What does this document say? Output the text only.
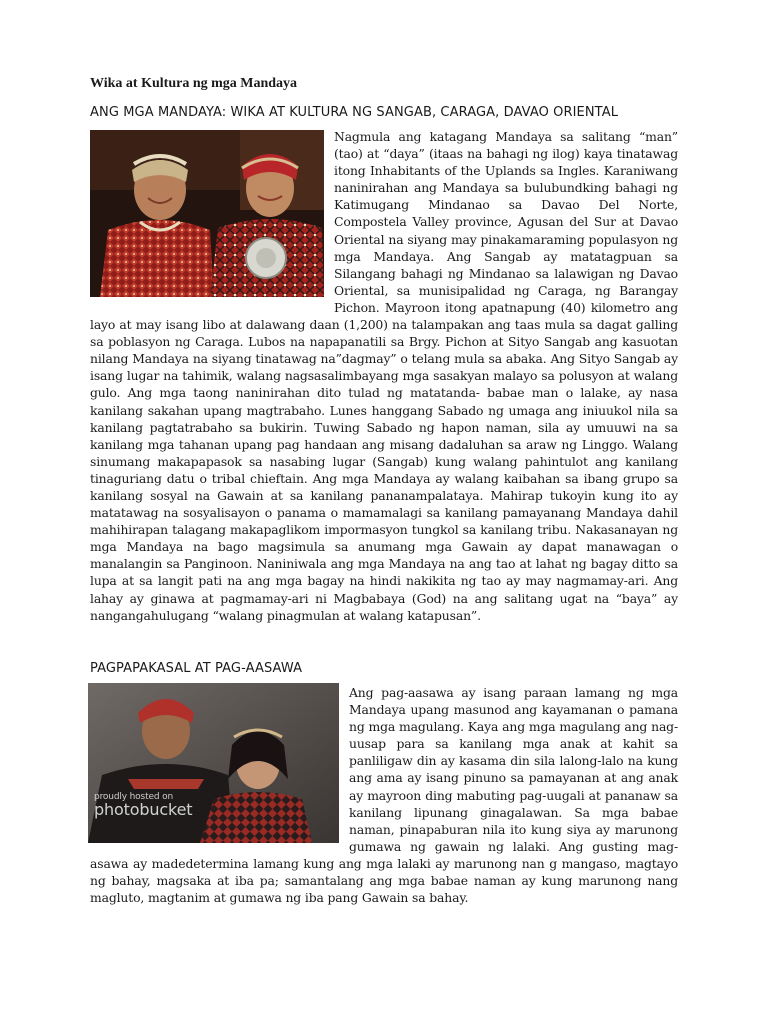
Wika at Kultura ng mga Mandaya
ANG MGA MANDAYA: WIKA AT KULTURA NG SANGAB, CARAGA, DAVAO ORIENTAL
Nagmula ang katagang Mandaya sa salitang “man” (tao) at “daya” (itaas na bahagi ng ilog) kaya tinatawag itong Inhabitants of the Uplands sa Ingles. Karaniwang naninirahan ang Mandaya sa bulubundking bahagi ng Katimugang Mindanao sa Davao Del Norte, Compostela Valley province, Agusan del Sur at Davao Oriental na siyang may pinakamaraming populasyon ng mga Mandaya. Ang Sangab ay matatagpuan sa Silangang bahagi ng Mindanao sa lalawigan ng Davao Oriental, sa munisipalidad ng Caraga, ng Barangay Pichon. Mayroon itong apatnapung (40) kilometro ang layo at may isang libo at dalawang daan (1,200) na talampakan ang taas mula sa dagat galling sa poblasyon ng Caraga. Lubos na napapanatili sa Brgy. Pichon at Sityo Sangab ang kasuotan nilang Mandaya na siyang tinatawag na”dagmay” o telang mula sa abaka. Ang Sityo Sangab ay isang lugar na tahimik, walang nagsasalimbayang mga sasakyan malayo sa polusyon at walang gulo. Ang mga taong naninirahan dito tulad ng matatanda- babae man o lalake, ay nasa kanilang sakahan upang magtrabaho. Lunes hanggang Sabado ng umaga ang iniuukol nila sa kanilang pagtatrabaho sa bukirin. Tuwing Sabado ng hapon naman, sila ay umuuwi na sa kanilang mga tahanan upang pag handaan ang misang dadaluhan sa araw ng Linggo. Walang sinumang makapapasok sa nasabing lugar (Sangab) kung walang pahintulot ang kanilang tinaguriang datu o tribal chieftain. Ang mga Mandaya ay walang kaibahan sa ibang grupo sa kanilang sosyal na Gawain at sa kanilang pananampalataya. Mahirap tukoyin kung ito ay matatawag na sosyalisayon o panama o mamamalagi sa kanilang pamayanang Mandaya dahil mahihirapan talagang makapaglikom impormasyon tungkol sa kanilang tribu. Nakasanayan ng mga Mandaya na bago magsimula sa anumang mga Gawain ay dapat manawagan o manalangin sa Panginoon. Naniniwala ang mga Mandaya na ang tao at lahat ng bagay ditto sa lupa at sa langit pati na ang mga bagay na hindi nakikita ng tao ay may nagmamay-ari. Ang lahay ay ginawa at pagmamay-ari ni Magbabaya (God) na ang salitang ugat na “baya” ay nangangahulugang “walang pinagmulan at walang katapusan”.
PAGPAPAKASAL AT PAG-AASAWA
proudly hosted on
photobucket
Ang pag-aasawa ay isang paraan lamang ng mga Mandaya upang masunod ang kayamanan o pamana ng mga magulang. Kaya ang mga magulang ang nag-uusap para sa kanilang mga anak at kahit sa panliligaw din ay kasama din sila lalong-lalo na kung ang ama ay isang pinuno sa pamayanan at ang anak ay mayroon ding mabuting pag-uugali at pananaw sa kanilang lipunang ginagalawan. Sa mga babae naman, pinapaburan nila ito kung siya ay marunong gumawa ng gawain ng lalaki. Ang gusting mag-asawa ay madedetermina lamang kung ang mga lalaki ay marunong nan g mangaso, magtayo ng bahay, magsaka at iba pa; samantalang ang mga babae naman ay kung marunong nang magluto, magtanim at gumawa ng iba pang Gawain sa bahay.
